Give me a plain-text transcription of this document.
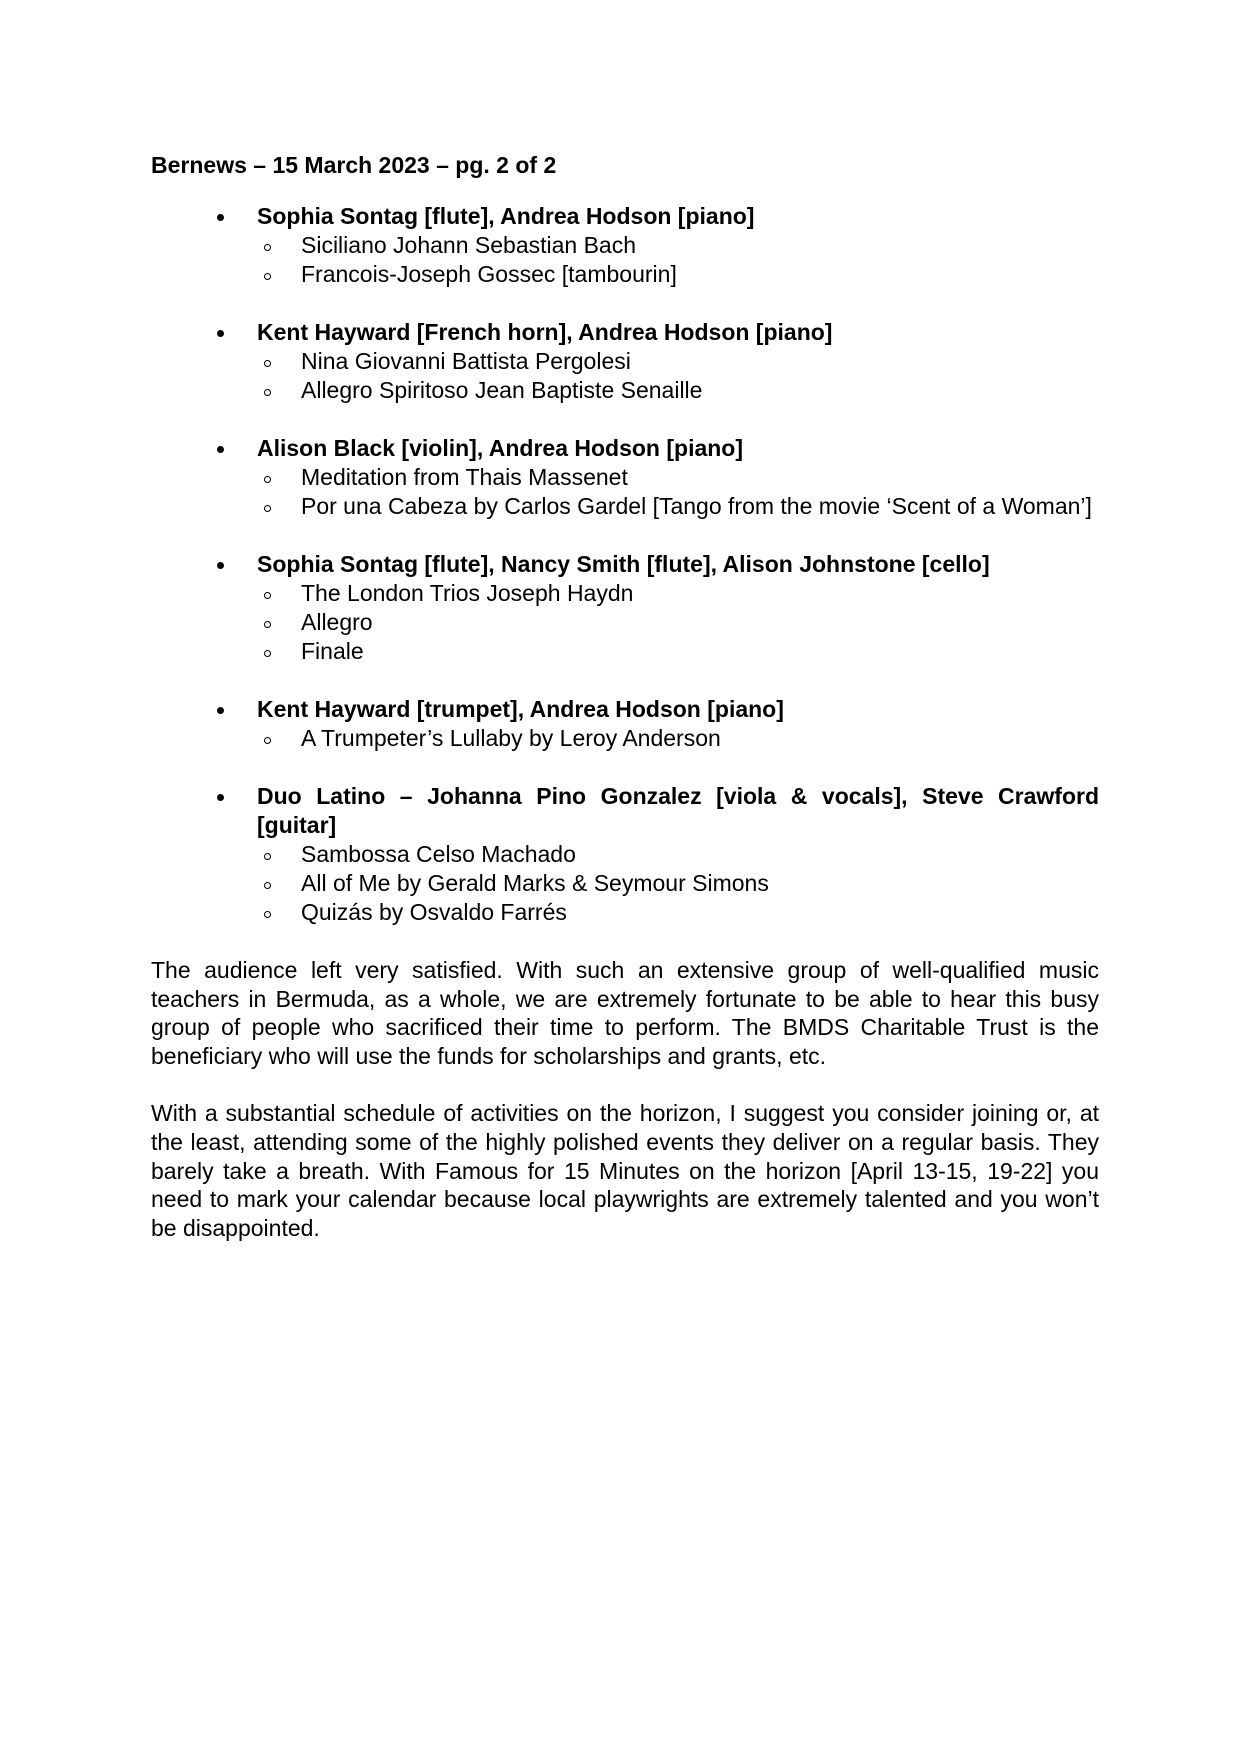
Bernews – 15 March 2023 – pg. 2 of 2
Sophia Sontag [flute], Andrea Hodson [piano]
Siciliano Johann Sebastian Bach
Francois-Joseph Gossec [tambourin]
Kent Hayward [French horn], Andrea Hodson [piano]
Nina Giovanni Battista Pergolesi
Allegro Spiritoso Jean Baptiste Senaille
Alison Black [violin], Andrea Hodson [piano]
Meditation from Thais Massenet
Por una Cabeza by Carlos Gardel [Tango from the movie ‘Scent of a Woman’]
Sophia Sontag [flute], Nancy Smith [flute], Alison Johnstone [cello]
The London Trios Joseph Haydn
Allegro
Finale
Kent Hayward [trumpet], Andrea Hodson [piano]
A Trumpeter’s Lullaby by Leroy Anderson
Duo Latino – Johanna Pino Gonzalez [viola & vocals], Steve Crawford [guitar]
Sambossa Celso Machado
All of Me by Gerald Marks & Seymour Simons
Quizás by Osvaldo Farrés

The audience left very satisfied. With such an extensive group of well-qualified music teachers in Bermuda, as a whole, we are extremely fortunate to be able to hear this busy group of people who sacrificed their time to perform. The BMDS Charitable Trust is the beneficiary who will use the funds for scholarships and grants, etc.

With a substantial schedule of activities on the horizon, I suggest you consider joining or, at the least, attending some of the highly polished events they deliver on a regular basis. They barely take a breath. With Famous for 15 Minutes on the horizon [April 13-15, 19-22] you need to mark your calendar because local playwrights are extremely talented and you won’t be disappointed.
